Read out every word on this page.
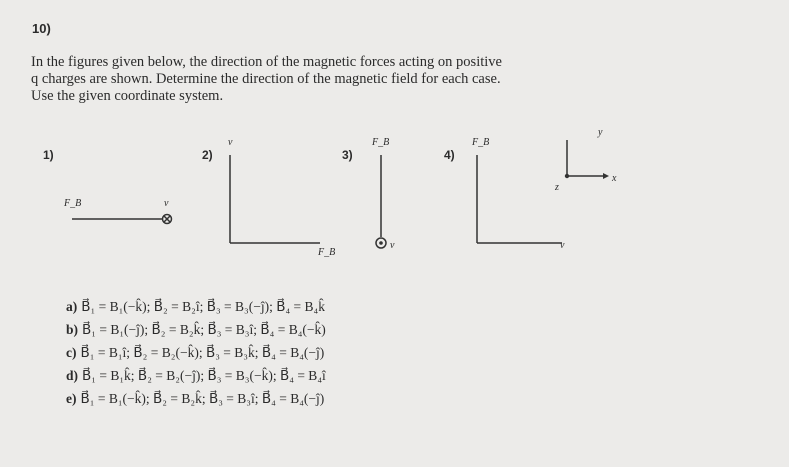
10)
In the figures given below, the direction of the magnetic forces acting on positive
q charges are shown. Determine the direction of the magnetic field for each case.
Use the given coordinate system.
1)	2)	3)	4)
F_B	v
v
F_B
F_B
v
F_B
v
y
x
z
a) B⃗₁ = B₁(−k̂); B⃗₂ = B₂î; B⃗₃ = B₃(−ĵ); B⃗₄ = B₄k̂
b) B⃗₁ = B₁(−ĵ); B⃗₂ = B₂k̂; B⃗₃ = B₃î; B⃗₄ = B₄(−k̂)
c) B⃗₁ = B₁î; B⃗₂ = B₂(−k̂); B⃗₃ = B₃k̂; B⃗₄ = B₄(−ĵ)
d) B⃗₁ = B₁k̂; B⃗₂ = B₂(−ĵ); B⃗₃ = B₃(−k̂); B⃗₄ = B₄î
e) B⃗₁ = B₁(−k̂); B⃗₂ = B₂k̂; B⃗₃ = B₃î; B⃗₄ = B₄(−ĵ)
